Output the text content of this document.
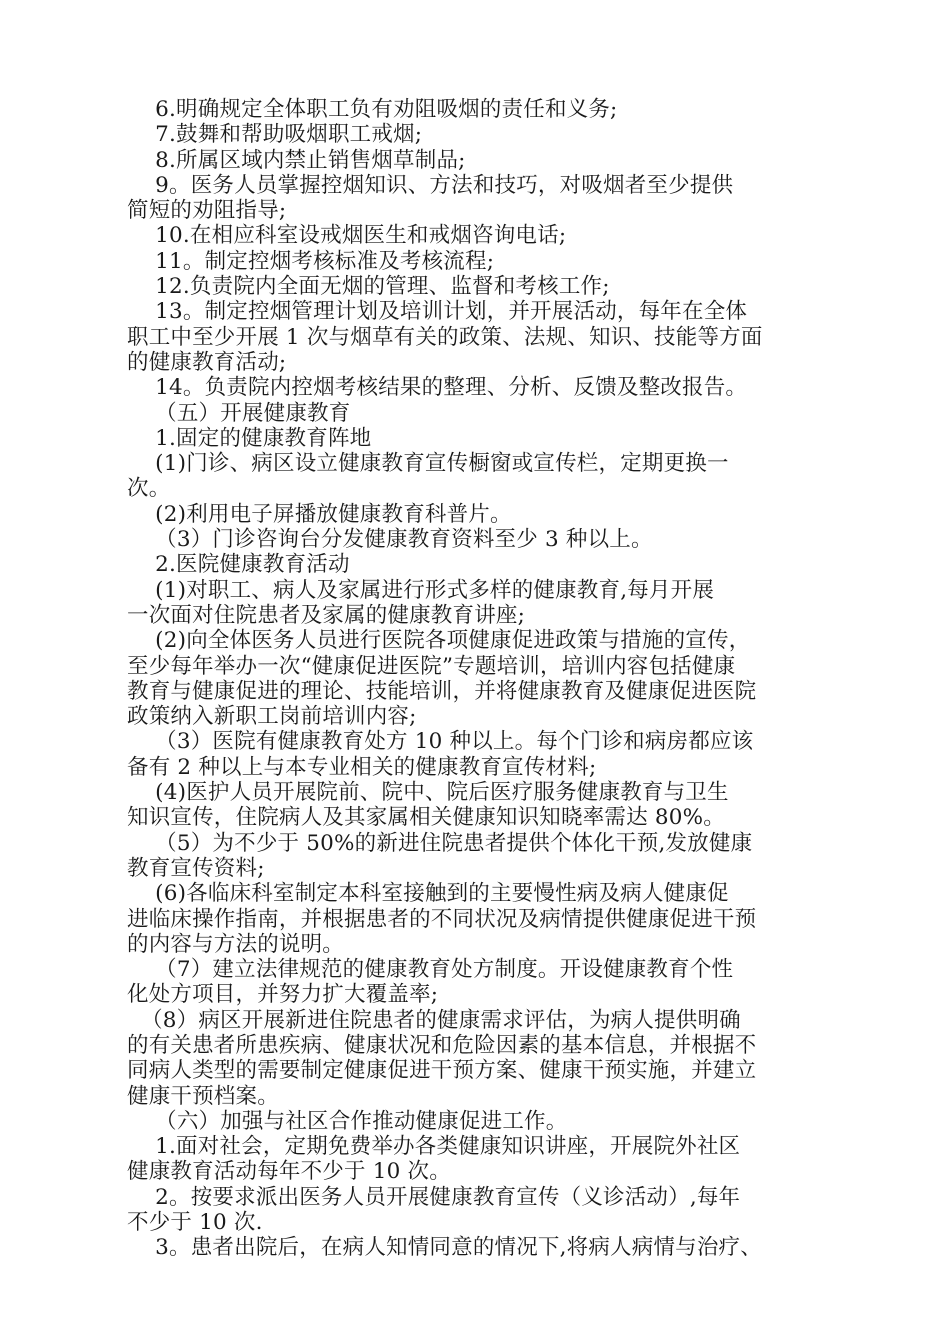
6.明确规定全体职工负有劝阻吸烟的责任和义务;
7.鼓舞和帮助吸烟职工戒烟;
8.所属区域内禁止销售烟草制品;
9。医务人员掌握控烟知识、方法和技巧，对吸烟者至少提供
简短的劝阻指导;
10.在相应科室设戒烟医生和戒烟咨询电话;
11。制定控烟考核标准及考核流程;
12.负责院内全面无烟的管理、监督和考核工作;
13。制定控烟管理计划及培训计划，并开展活动，每年在全体
职工中至少开展 1 次与烟草有关的政策、法规、知识、技能等方面
的健康教育活动;
14。负责院内控烟考核结果的整理、分析、反馈及整改报告。
（五）开展健康教育
1.固定的健康教育阵地
(1)门诊、病区设立健康教育宣传橱窗或宣传栏，定期更换一
次。
(2)利用电子屏播放健康教育科普片。
（3）门诊咨询台分发健康教育资料至少 3 种以上。
2.医院健康教育活动
(1)对职工、病人及家属进行形式多样的健康教育,每月开展
一次面对住院患者及家属的健康教育讲座;
(2)向全体医务人员进行医院各项健康促进政策与措施的宣传，
至少每年举办一次“健康促进医院”专题培训，培训内容包括健康
教育与健康促进的理论、技能培训，并将健康教育及健康促进医院
政策纳入新职工岗前培训内容;
（3）医院有健康教育处方 10 种以上。每个门诊和病房都应该
备有 2 种以上与本专业相关的健康教育宣传材料;
(4)医护人员开展院前、院中、院后医疗服务健康教育与卫生
知识宣传，住院病人及其家属相关健康知识知晓率需达 80%。
（5）为不少于 50%的新进住院患者提供个体化干预,发放健康
教育宣传资料;
(6)各临床科室制定本科室接触到的主要慢性病及病人健康促
进临床操作指南，并根据患者的不同状况及病情提供健康促进干预
的内容与方法的说明。
（7）建立法律规范的健康教育处方制度。开设健康教育个性
化处方项目，并努力扩大覆盖率;
（8）病区开展新进住院患者的健康需求评估，为病人提供明确
的有关患者所患疾病、健康状况和危险因素的基本信息，并根据不
同病人类型的需要制定健康促进干预方案、健康干预实施，并建立
健康干预档案。
（六）加强与社区合作推动健康促进工作。
1.面对社会，定期免费举办各类健康知识讲座，开展院外社区
健康教育活动每年不少于 10 次。
2。按要求派出医务人员开展健康教育宣传（义诊活动）,每年
不少于 10 次.
3。患者出院后，在病人知情同意的情况下,将病人病情与治疗、
